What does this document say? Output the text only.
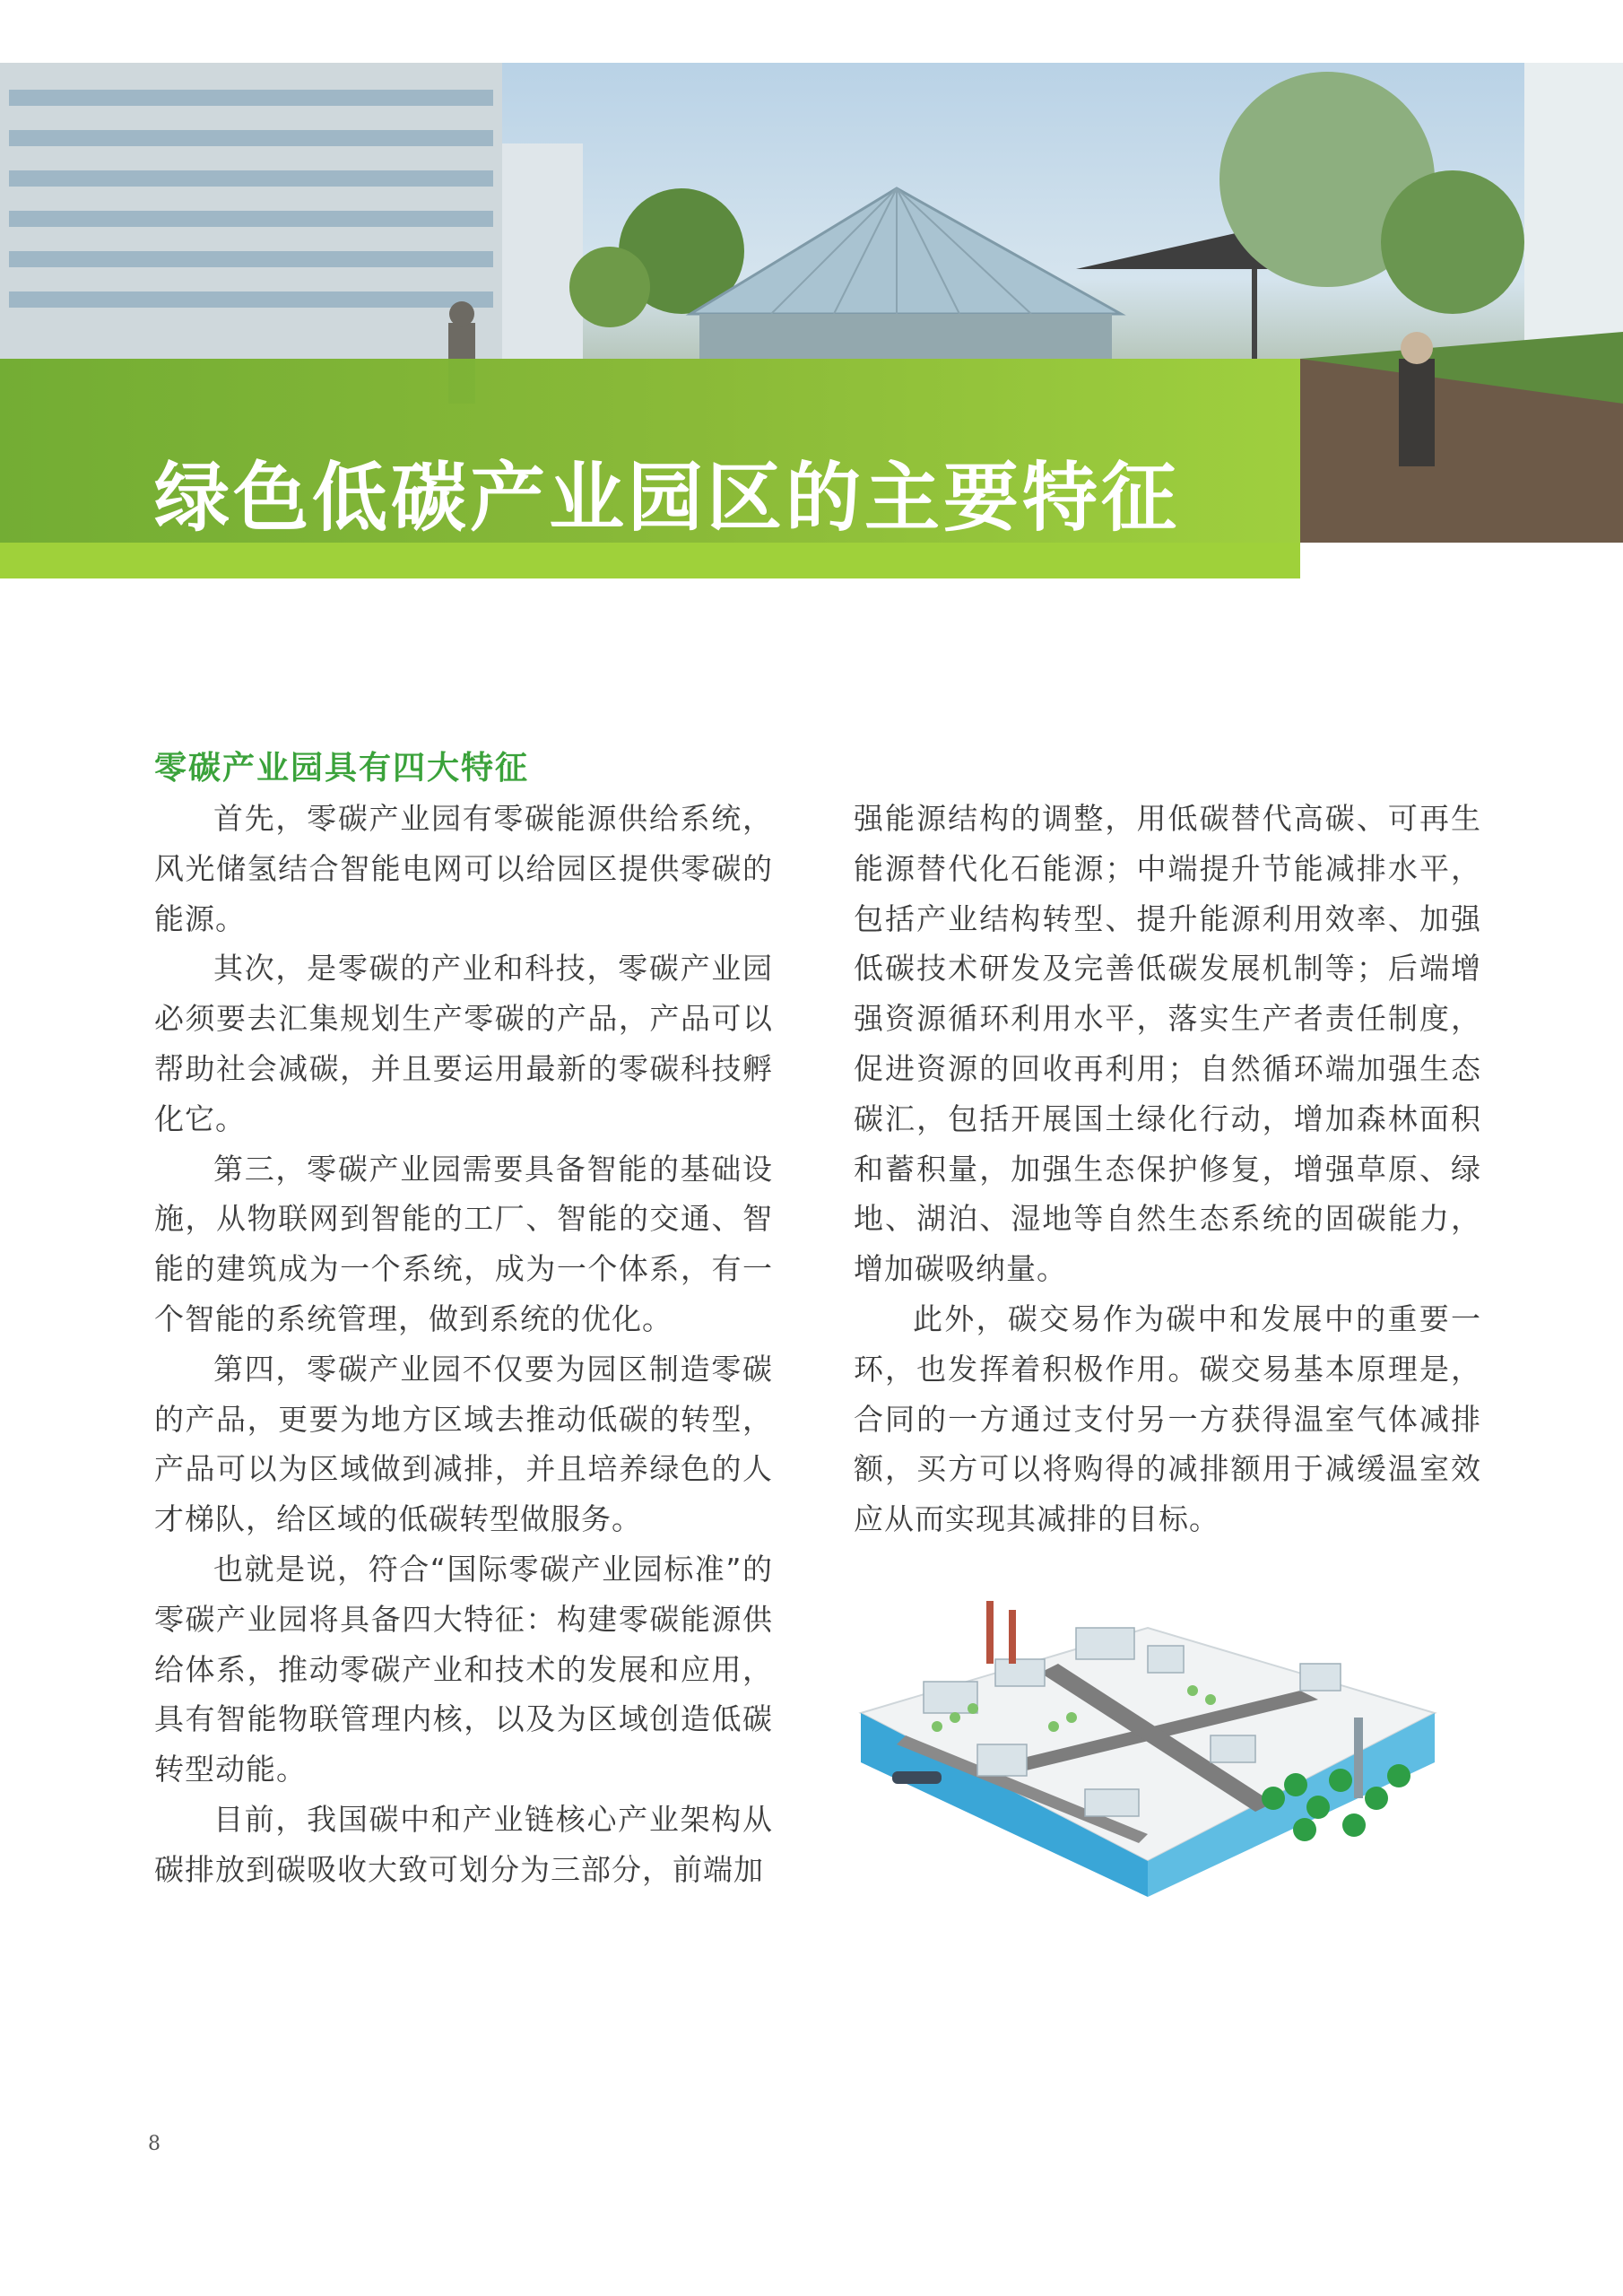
绿色低碳产业园区的主要特征
零碳产业园具有四大特征

首先，零碳产业园有零碳能源供给系统，风光储氢结合智能电网可以给园区提供零碳的能源。

其次，是零碳的产业和科技，零碳产业园必须要去汇集规划生产零碳的产品，产品可以帮助社会减碳，并且要运用最新的零碳科技孵化它。

第三，零碳产业园需要具备智能的基础设施，从物联网到智能的工厂、智能的交通、智能的建筑成为一个系统，成为一个体系，有一个智能的系统管理，做到系统的优化。

第四，零碳产业园不仅要为园区制造零碳的产品，更要为地方区域去推动低碳的转型，产品可以为区域做到减排，并且培养绿色的人才梯队，给区域的低碳转型做服务。

也就是说，符合“国际零碳产业园标准”的零碳产业园将具备四大特征：构建零碳能源供给体系，推动零碳产业和技术的发展和应用，具有智能物联管理内核，以及为区域创造低碳转型动能。

目前，我国碳中和产业链核心产业架构从碳排放到碳吸收大致可划分为三部分，前端加

强能源结构的调整，用低碳替代高碳、可再生能源替代化石能源；中端提升节能减排水平，包括产业结构转型、提升能源利用效率、加强低碳技术研发及完善低碳发展机制等；后端增强资源循环利用水平，落实生产者责任制度，促进资源的回收再利用；自然循环端加强生态碳汇，包括开展国土绿化行动，增加森林面积和蓄积量，加强生态保护修复，增强草原、绿地、湖泊、湿地等自然生态系统的固碳能力，增加碳吸纳量。

此外，碳交易作为碳中和发展中的重要一环，也发挥着积极作用。碳交易基本原理是，合同的一方通过支付另一方获得温室气体减排额，买方可以将购得的减排额用于减缓温室效应从而实现其减排的目标。

8
